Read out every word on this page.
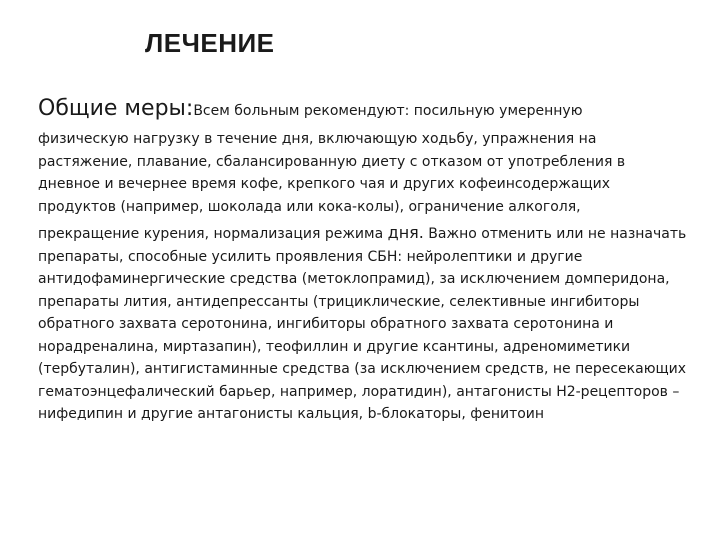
ЛЕЧЕНИЕ
Общие меры:Всем больным рекомендуют: посильную умеренную

физическую нагрузку в течение дня, включающую ходьбу, упражнения на растяжение, плавание, сбалансированную диету с отказом от употребления в дневное и вечернее время кофе, крепкого чая и других кофеинсодержащих продуктов (например, шоколада или кока-колы), ограничение алкоголя,

прекращение курения, нормализация режима дня. Важно отменить или не назначать препараты, способные усилить проявления СБН: нейролептики и другие антидофаминергические средства (метоклопрамид), за исключением домперидона, препараты лития, антидепрессанты (трициклические, селективные ингибиторы обратного захвата серотонина, ингибиторы обратного захвата серотонина и норадреналина, миртазапин), теофиллин и другие ксантины, адреномиметики (тербуталин), антигистаминные средства (за исключением средств, не пересекающих гематоэнцефалический барьер, например, лоратидин), антагонисты Н2-рецепторов – нифедипин и другие антагонисты кальция, b-блокаторы, фенитоин
